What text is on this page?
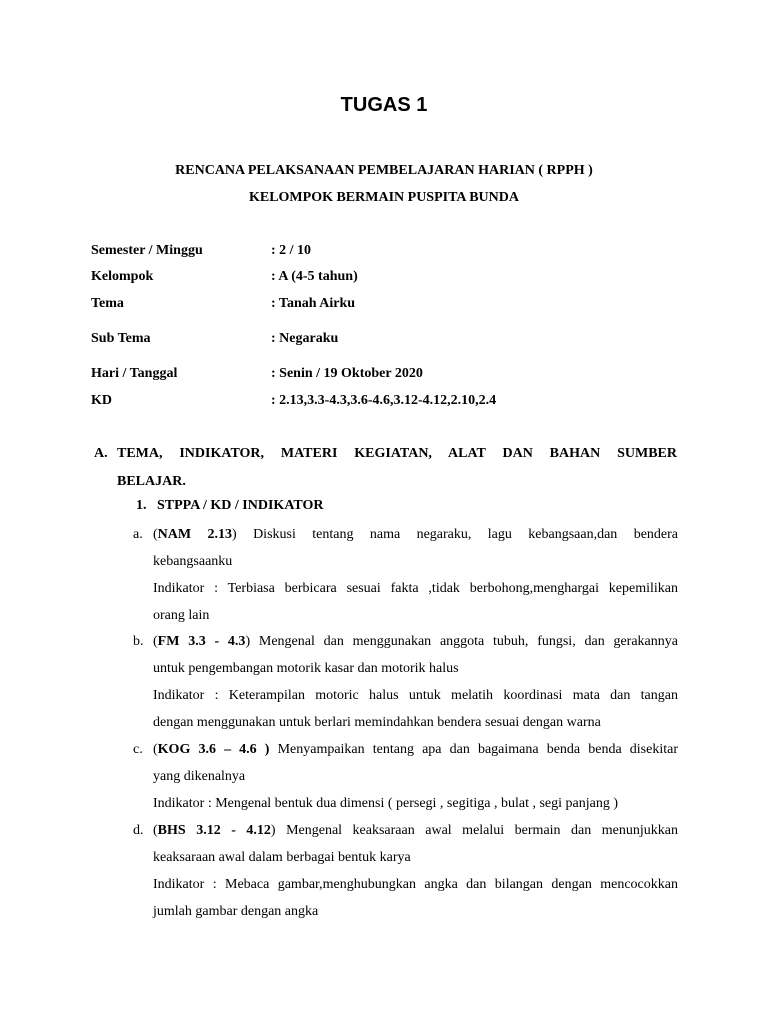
TUGAS 1
RENCANA PELAKSANAAN PEMBELAJARAN HARIAN ( RPPH )
KELOMPOK BERMAIN PUSPITA BUNDA
Semester / Minggu	: 2 / 10
Kelompok	: A (4-5 tahun)
Tema	: Tanah Airku
Sub Tema	: Negaraku
Hari / Tanggal	: Senin / 19 Oktober 2020
KD	: 2.13,3.3-4.3,3.6-4.6,3.12-4.12,2.10,2.4
A. TEMA, INDIKATOR, MATERI KEGIATAN, ALAT DAN BAHAN SUMBER
BELAJAR.
1.   STPPA / KD / INDIKATOR
a. (NAM 2.13) Diskusi tentang nama negaraku, lagu kebangsaan,dan bendera
kebangsaanku
Indikator : Terbiasa berbicara sesuai fakta ,tidak berbohong,menghargai kepemilikan
orang lain
b. (FM 3.3 - 4.3) Mengenal dan menggunakan anggota tubuh, fungsi, dan gerakannya
untuk pengembangan motorik kasar dan motorik halus
Indikator : Keterampilan motoric halus untuk melatih koordinasi mata dan tangan
dengan menggunakan untuk berlari memindahkan bendera sesuai dengan warna
c. (KOG 3.6 – 4.6 ) Menyampaikan tentang apa dan bagaimana benda benda disekitar
yang dikenalnya
Indikator : Mengenal bentuk dua dimensi ( persegi , segitiga , bulat , segi panjang )
d. (BHS 3.12 - 4.12) Mengenal keaksaraan awal melalui bermain dan menunjukkan
keaksaraan awal dalam berbagai bentuk karya
Indikator : Mebaca gambar,menghubungkan angka dan bilangan dengan mencocokkan
jumlah gambar dengan angka
